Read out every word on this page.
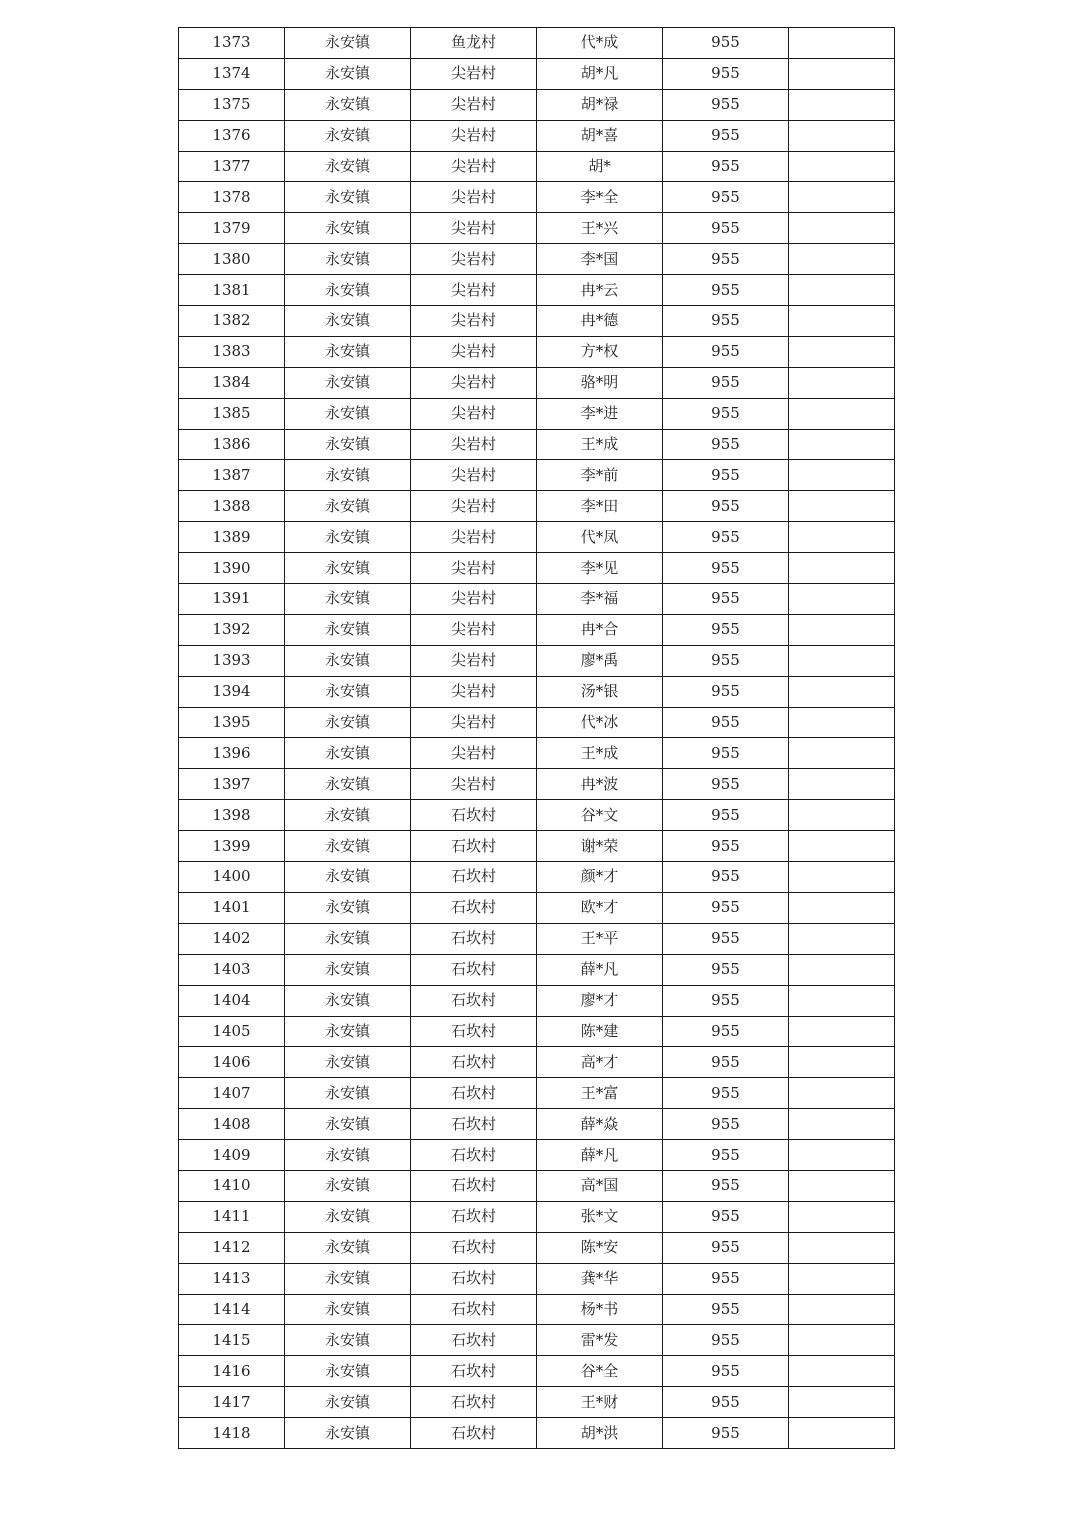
1373	永安镇	鱼龙村	代*成	955	
1374	永安镇	尖岩村	胡*凡	955	
1375	永安镇	尖岩村	胡*禄	955	
1376	永安镇	尖岩村	胡*喜	955	
1377	永安镇	尖岩村	胡*	955	
1378	永安镇	尖岩村	李*全	955	
1379	永安镇	尖岩村	王*兴	955	
1380	永安镇	尖岩村	李*国	955	
1381	永安镇	尖岩村	冉*云	955	
1382	永安镇	尖岩村	冉*德	955	
1383	永安镇	尖岩村	方*权	955	
1384	永安镇	尖岩村	骆*明	955	
1385	永安镇	尖岩村	李*进	955	
1386	永安镇	尖岩村	王*成	955	
1387	永安镇	尖岩村	李*前	955	
1388	永安镇	尖岩村	李*田	955	
1389	永安镇	尖岩村	代*凤	955	
1390	永安镇	尖岩村	李*见	955	
1391	永安镇	尖岩村	李*福	955	
1392	永安镇	尖岩村	冉*合	955	
1393	永安镇	尖岩村	廖*禹	955	
1394	永安镇	尖岩村	汤*银	955	
1395	永安镇	尖岩村	代*冰	955	
1396	永安镇	尖岩村	王*成	955	
1397	永安镇	尖岩村	冉*波	955	
1398	永安镇	石坎村	谷*文	955	
1399	永安镇	石坎村	谢*荣	955	
1400	永安镇	石坎村	颜*才	955	
1401	永安镇	石坎村	欧*才	955	
1402	永安镇	石坎村	王*平	955	
1403	永安镇	石坎村	薛*凡	955	
1404	永安镇	石坎村	廖*才	955	
1405	永安镇	石坎村	陈*建	955	
1406	永安镇	石坎村	高*才	955	
1407	永安镇	石坎村	王*富	955	
1408	永安镇	石坎村	薛*焱	955	
1409	永安镇	石坎村	薛*凡	955	
1410	永安镇	石坎村	高*国	955	
1411	永安镇	石坎村	张*文	955	
1412	永安镇	石坎村	陈*安	955	
1413	永安镇	石坎村	龚*华	955	
1414	永安镇	石坎村	杨*书	955	
1415	永安镇	石坎村	雷*发	955	
1416	永安镇	石坎村	谷*全	955	
1417	永安镇	石坎村	王*财	955	
1418	永安镇	石坎村	胡*洪	955	
